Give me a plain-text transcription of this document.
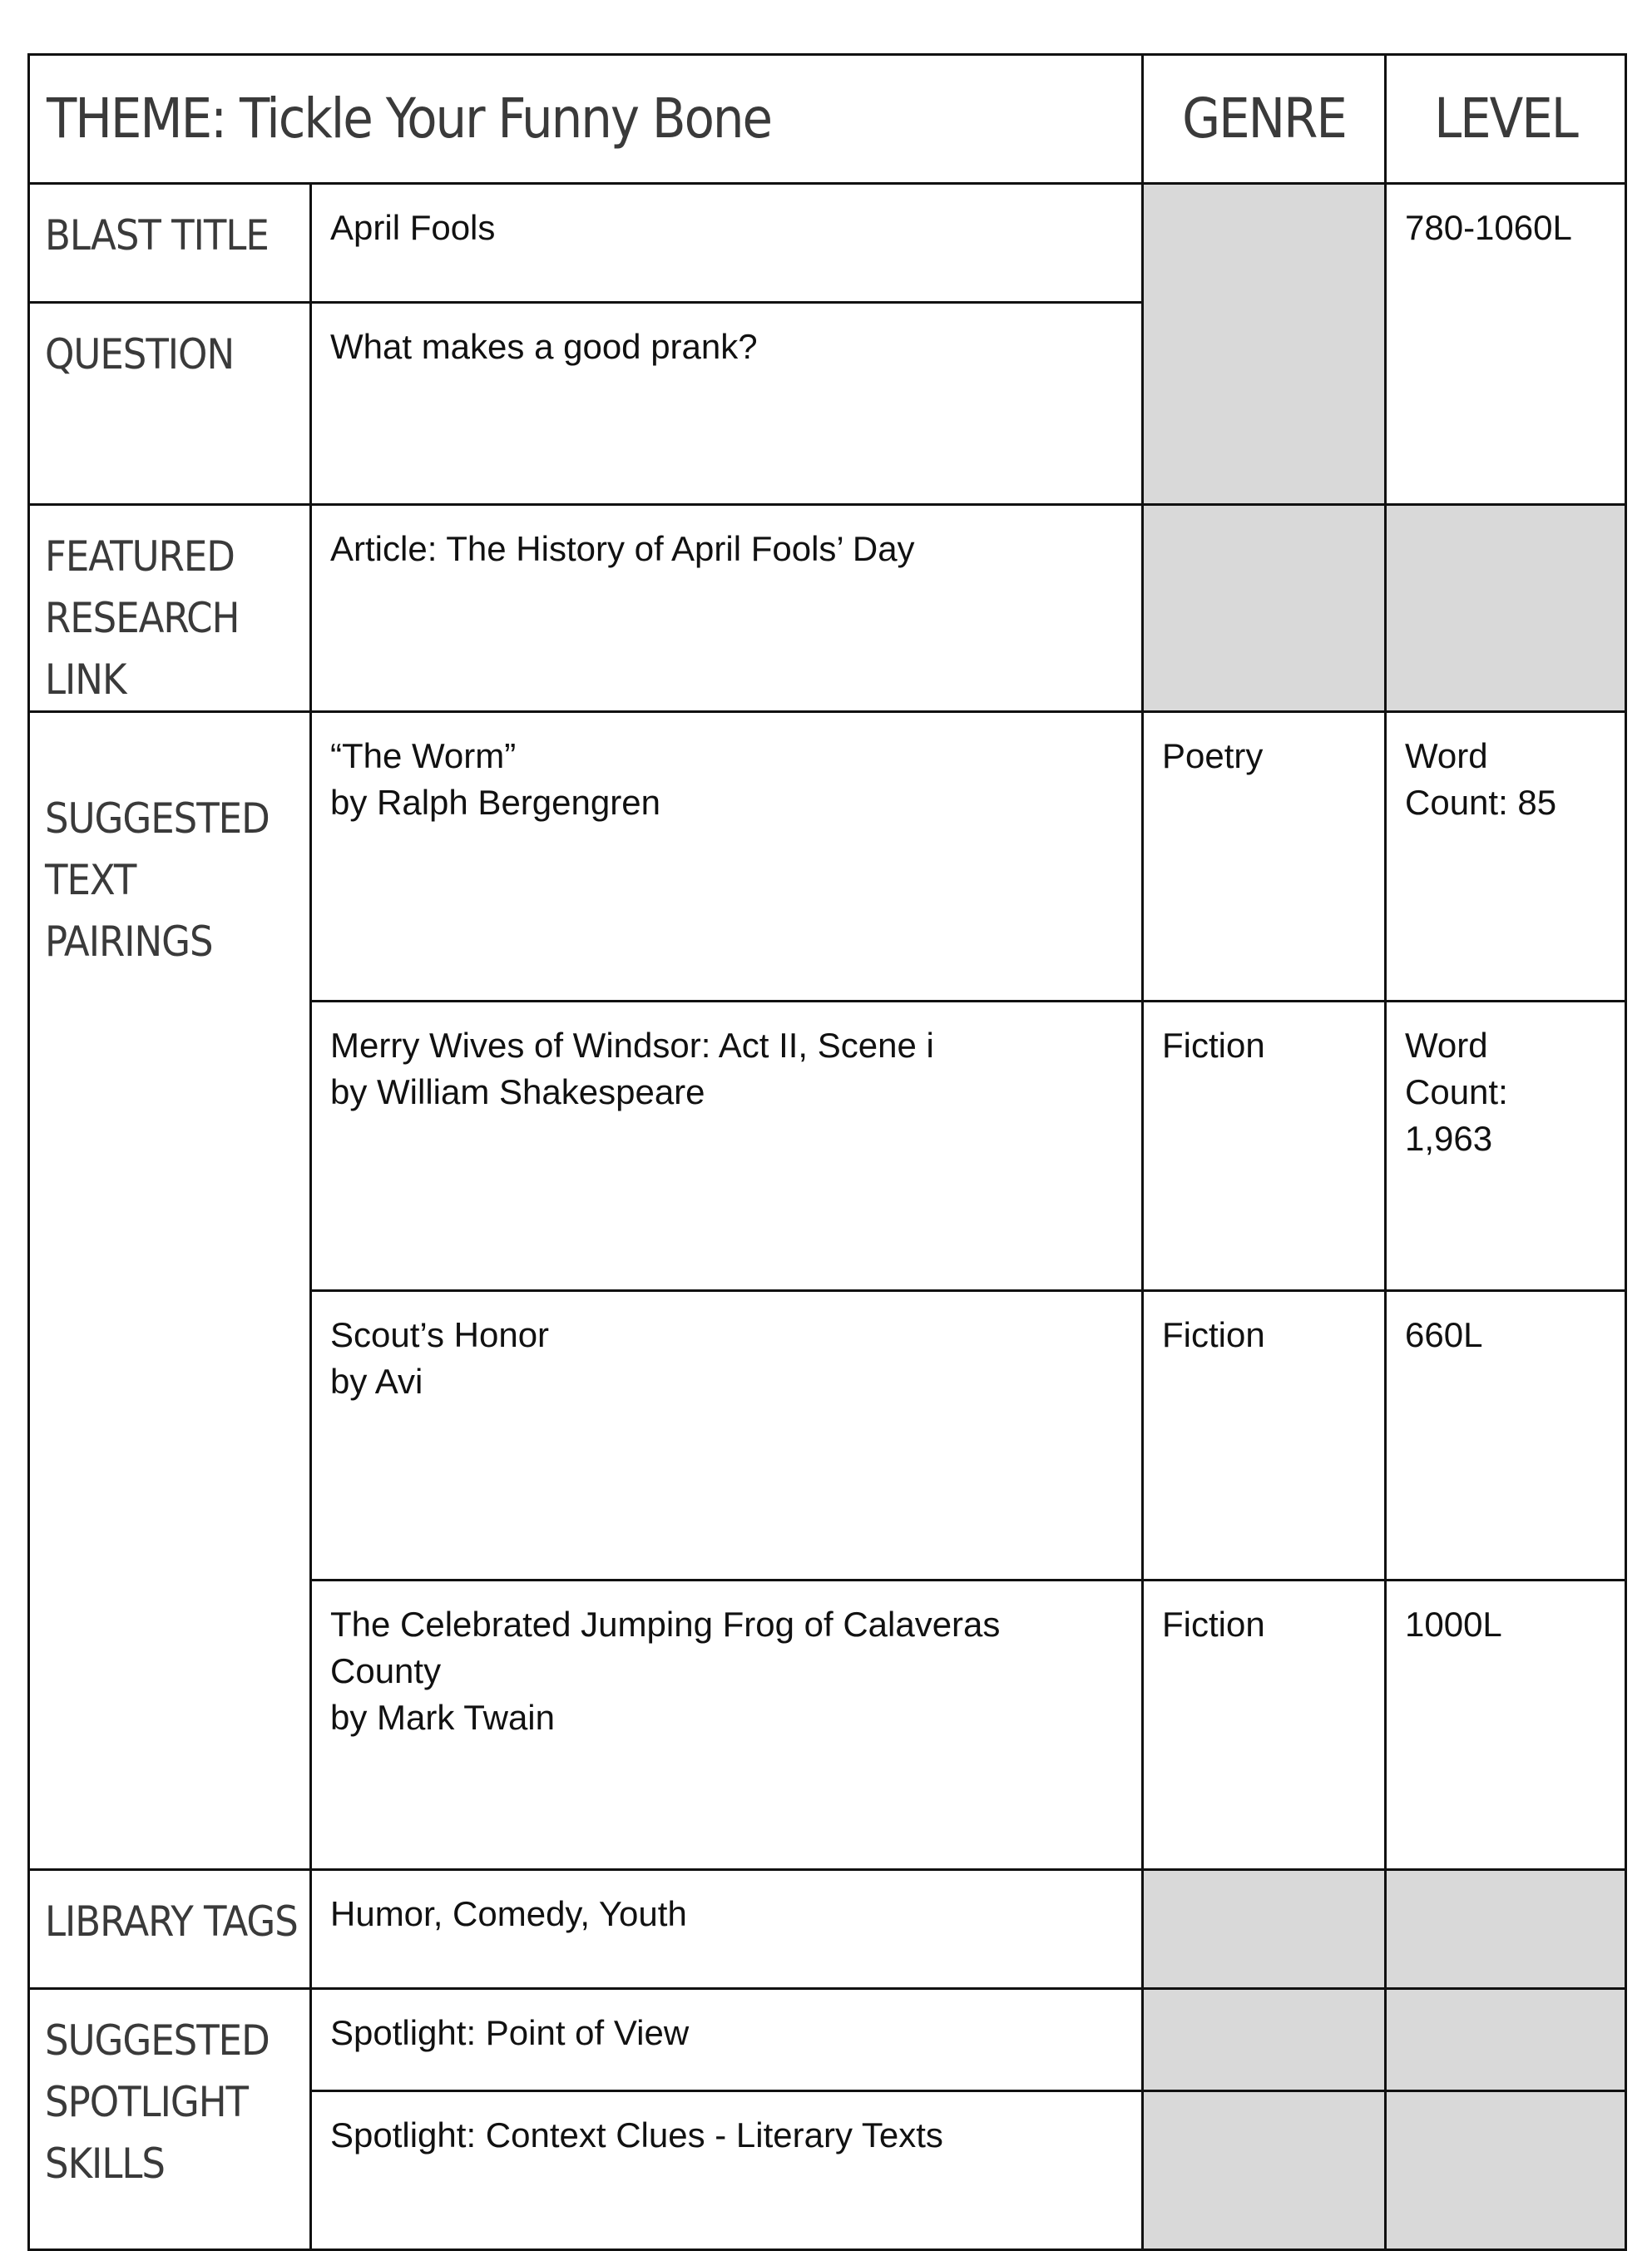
THEME: Tickle Your Funny Bone		GENRE	LEVEL

BLAST TITLE	April Fools		780-1060L

QUESTION	What makes a good prank?		

FEATURED
RESEARCH LINK	Article: The History of April Fools’ Day		

SUGGESTED
TEXT PAIRINGS	“The Worm”
by Ralph Bergengren	Poetry	Word
Count: 85

	Merry Wives of Windsor: Act II, Scene i
by William Shakespeare	Fiction	Word
Count:
1,963

	Scout’s Honor
by Avi	Fiction	660L

	The Celebrated Jumping Frog of Calaveras
County
by Mark Twain	Fiction	1000L

LIBRARY TAGS	Humor, Comedy, Youth		

SUGGESTED
SPOTLIGHT
SKILLS	Spotlight: Point of View		
	Spotlight: Context Clues - Literary Texts		
